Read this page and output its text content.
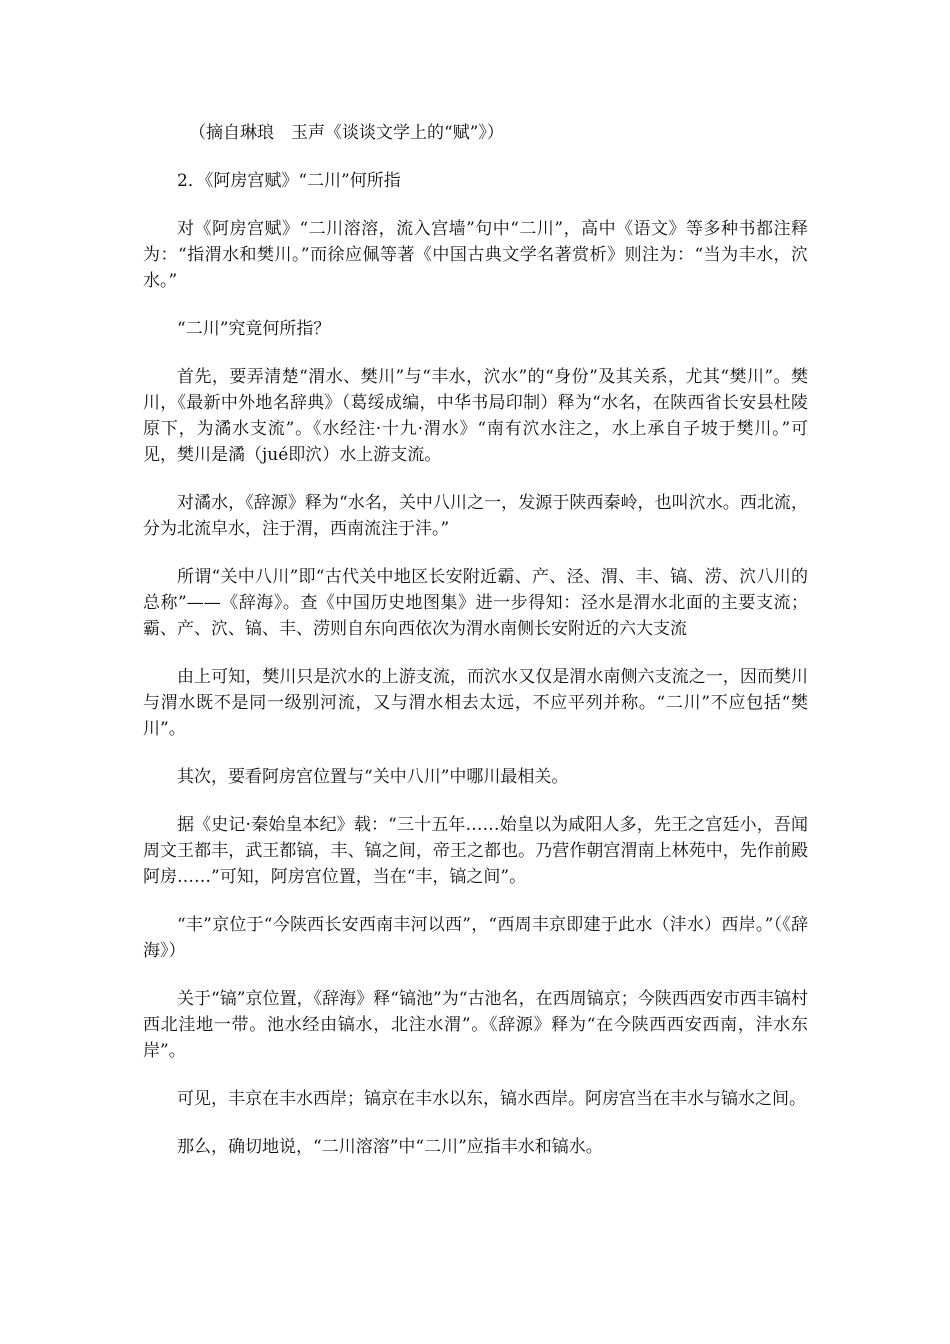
（摘自琳琅　玉声《谈谈文学上的“赋”》）

2．《阿房宫赋》“二川”何所指

对《阿房宫赋》“二川溶溶，流入宫墙”句中“二川”，高中《语文》等多种书都注释为：“指渭水和樊川。”而徐应佩等著《中国古典文学名著赏析》则注为：“当为丰水，泬水。”

“二川”究竟何所指？

首先，要弄清楚“渭水、樊川”与“丰水，泬水”的“身份”及其关系，尤其“樊川”。樊川，《最新中外地名辞典》（葛绥成编，中华书局印制）释为“水名，在陕西省长安县杜陵原下，为潏水支流”。《水经注·十九·渭水》“南有泬水注之，水上承自子坡于樊川。”可见，樊川是潏（jué即泬）水上游支流。

对潏水，《辞源》释为“水名，关中八川之一，发源于陕西秦岭，也叫泬水。西北流，分为北流皁水，注于渭，西南流注于沣。”

所谓“关中八川”即“古代关中地区长安附近霸、产、泾、渭、丰、镐、涝、泬八川的总称”——《辞海》。查《中国历史地图集》进一步得知：泾水是渭水北面的主要支流；霸、产、泬、镐、丰、涝则自东向西依次为渭水南侧长安附近的六大支流

由上可知，樊川只是泬水的上游支流，而泬水又仅是渭水南侧六支流之一，因而樊川与渭水既不是同一级别河流，又与渭水相去太远，不应平列并称。“二川”不应包括“樊川”。

其次，要看阿房宫位置与“关中八川”中哪川最相关。

据《史记·秦始皇本纪》载：“三十五年……始皇以为咸阳人多，先王之宫廷小，吾闻周文王都丰，武王都镐，丰、镐之间，帝王之都也。乃营作朝宫渭南上林苑中，先作前殿阿房……”可知，阿房宫位置，当在“丰，镐之间”。

“丰”京位于“今陕西长安西南丰河以西”，“西周丰京即建于此水（沣水）西岸。”（《辞海》）

关于“镐”京位置，《辞海》释“镐池”为“古池名，在西周镐京；今陕西西安市西丰镐村西北洼地一带。池水经由镐水，北注水渭”。《辞源》释为“在今陕西西安西南，沣水东岸”。

可见，丰京在丰水西岸；镐京在丰水以东，镐水西岸。阿房宫当在丰水与镐水之间。

那么，确切地说，“二川溶溶”中“二川”应指丰水和镐水。
